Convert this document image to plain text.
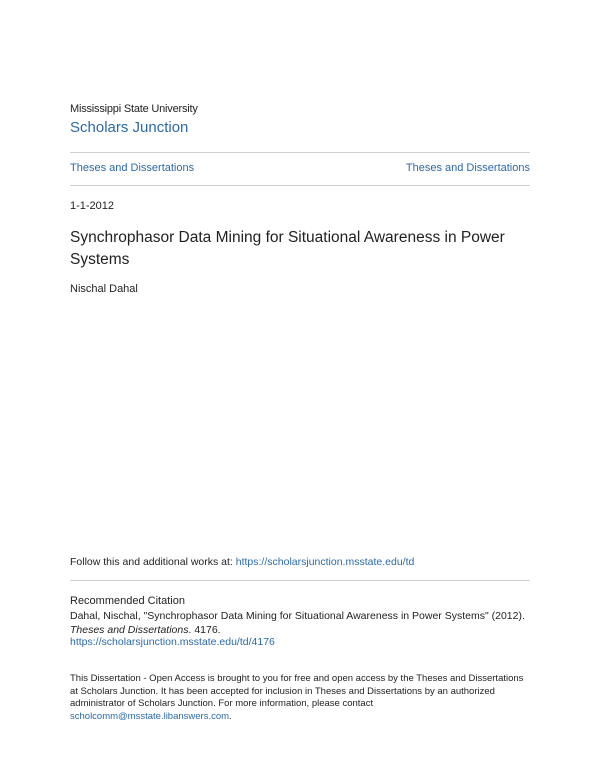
Mississippi State University
Scholars Junction
Theses and Dissertations	Theses and Dissertations
1-1-2012
Synchrophasor Data Mining for Situational Awareness in Power Systems
Nischal Dahal
Follow this and additional works at: https://scholarsjunction.msstate.edu/td
Recommended Citation
Dahal, Nischal, "Synchrophasor Data Mining for Situational Awareness in Power Systems" (2012). Theses and Dissertations. 4176.
https://scholarsjunction.msstate.edu/td/4176
This Dissertation - Open Access is brought to you for free and open access by the Theses and Dissertations at Scholars Junction. It has been accepted for inclusion in Theses and Dissertations by an authorized administrator of Scholars Junction. For more information, please contact scholcomm@msstate.libanswers.com.
